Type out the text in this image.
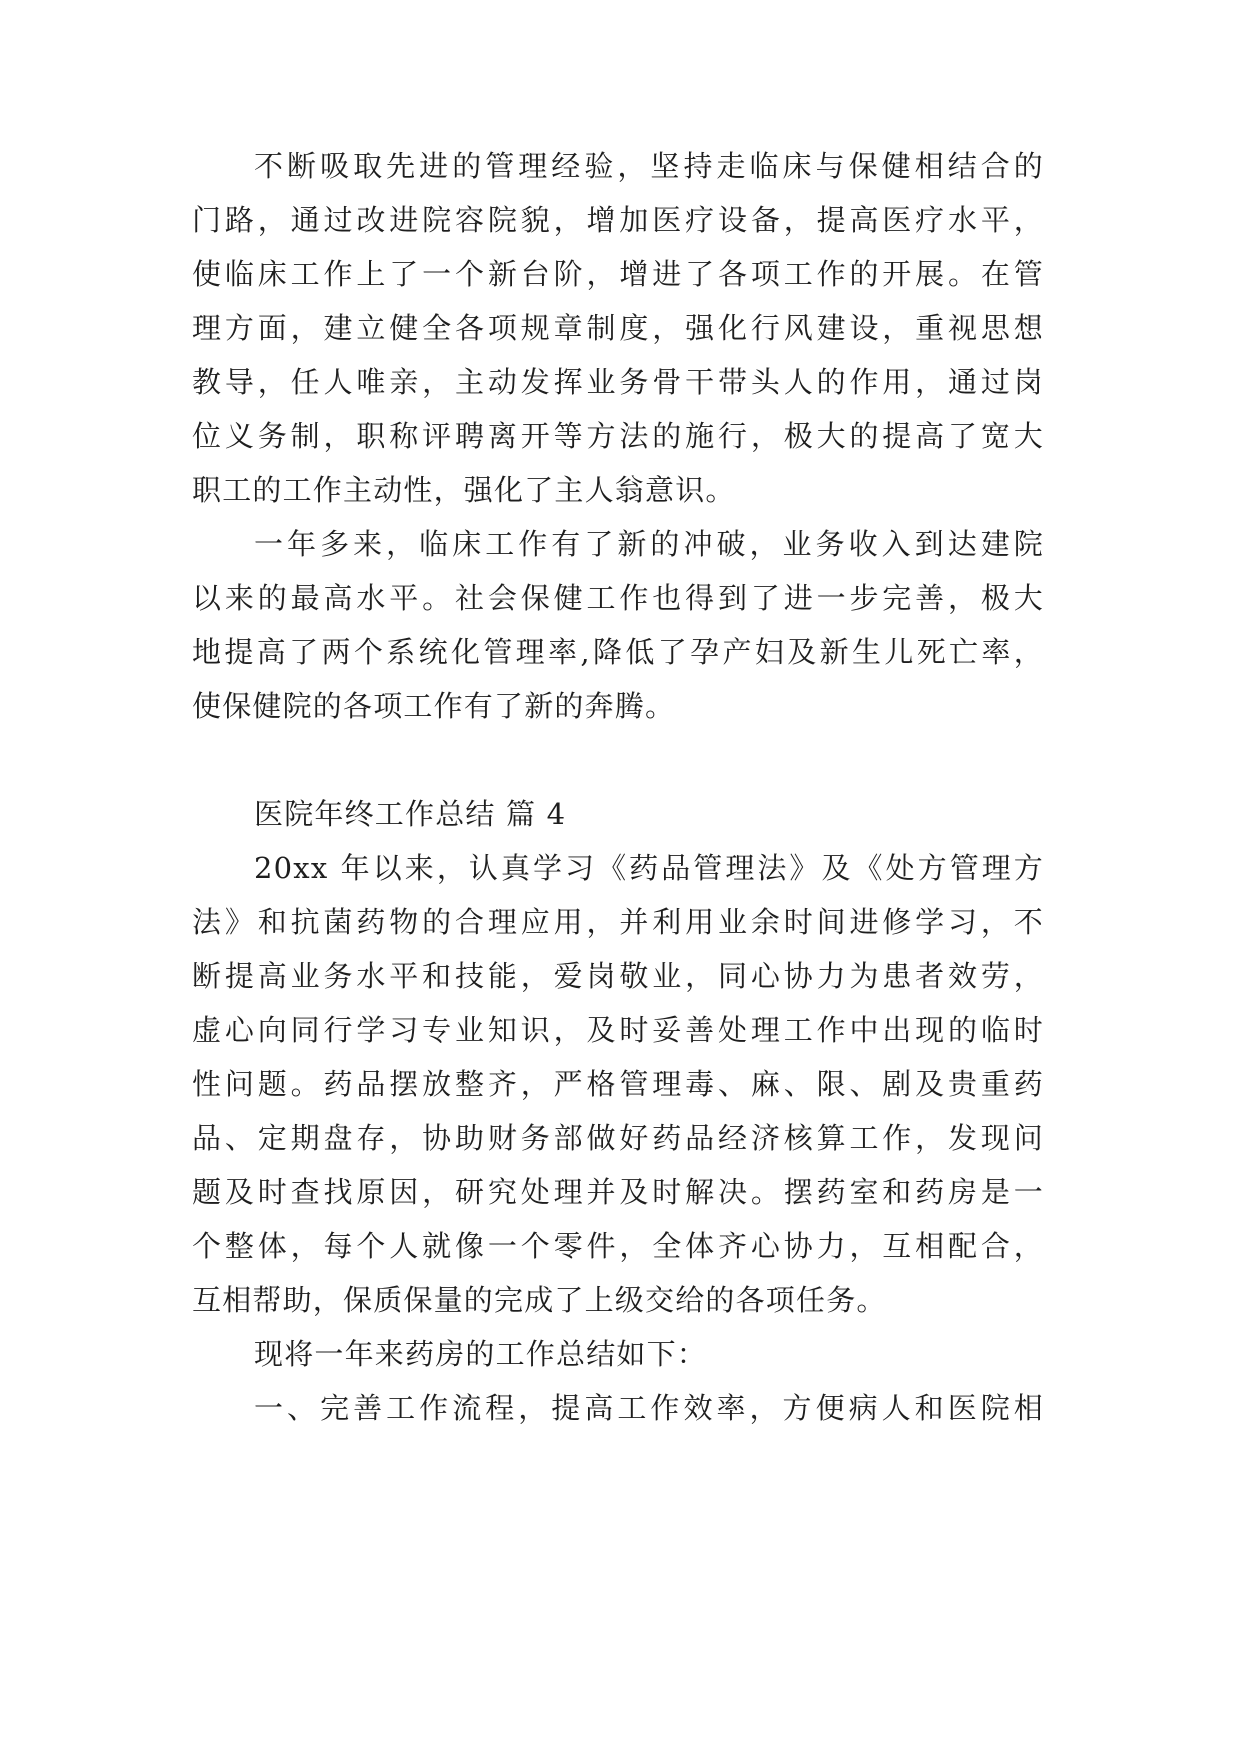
不断吸取先进的管理经验，坚持走临床与保健相结合的
门路，通过改进院容院貌，增加医疗设备，提高医疗水平，
使临床工作上了一个新台阶，增进了各项工作的开展。在管
理方面，建立健全各项规章制度，强化行风建设，重视思想
教导，任人唯亲，主动发挥业务骨干带头人的作用，通过岗
位义务制，职称评聘离开等方法的施行，极大的提高了宽大
职工的工作主动性，强化了主人翁意识。
一年多来，临床工作有了新的冲破，业务收入到达建院
以来的最高水平。社会保健工作也得到了进一步完善，极大
地提高了两个系统化管理率,降低了孕产妇及新生儿死亡率，
使保健院的各项工作有了新的奔腾。
医院年终工作总结 篇 4
20xx 年以来，认真学习《药品管理法》及《处方管理方
法》和抗菌药物的合理应用，并利用业余时间进修学习，不
断提高业务水平和技能，爱岗敬业，同心协力为患者效劳，
虚心向同行学习专业知识，及时妥善处理工作中出现的临时
性问题。药品摆放整齐，严格管理毒、麻、限、剧及贵重药
品、定期盘存，协助财务部做好药品经济核算工作，发现问
题及时查找原因，研究处理并及时解决。摆药室和药房是一
个整体，每个人就像一个零件，全体齐心协力，互相配合，
互相帮助，保质保量的完成了上级交给的各项任务。
现将一年来药房的工作总结如下：
一、完善工作流程，提高工作效率，方便病人和医院相
